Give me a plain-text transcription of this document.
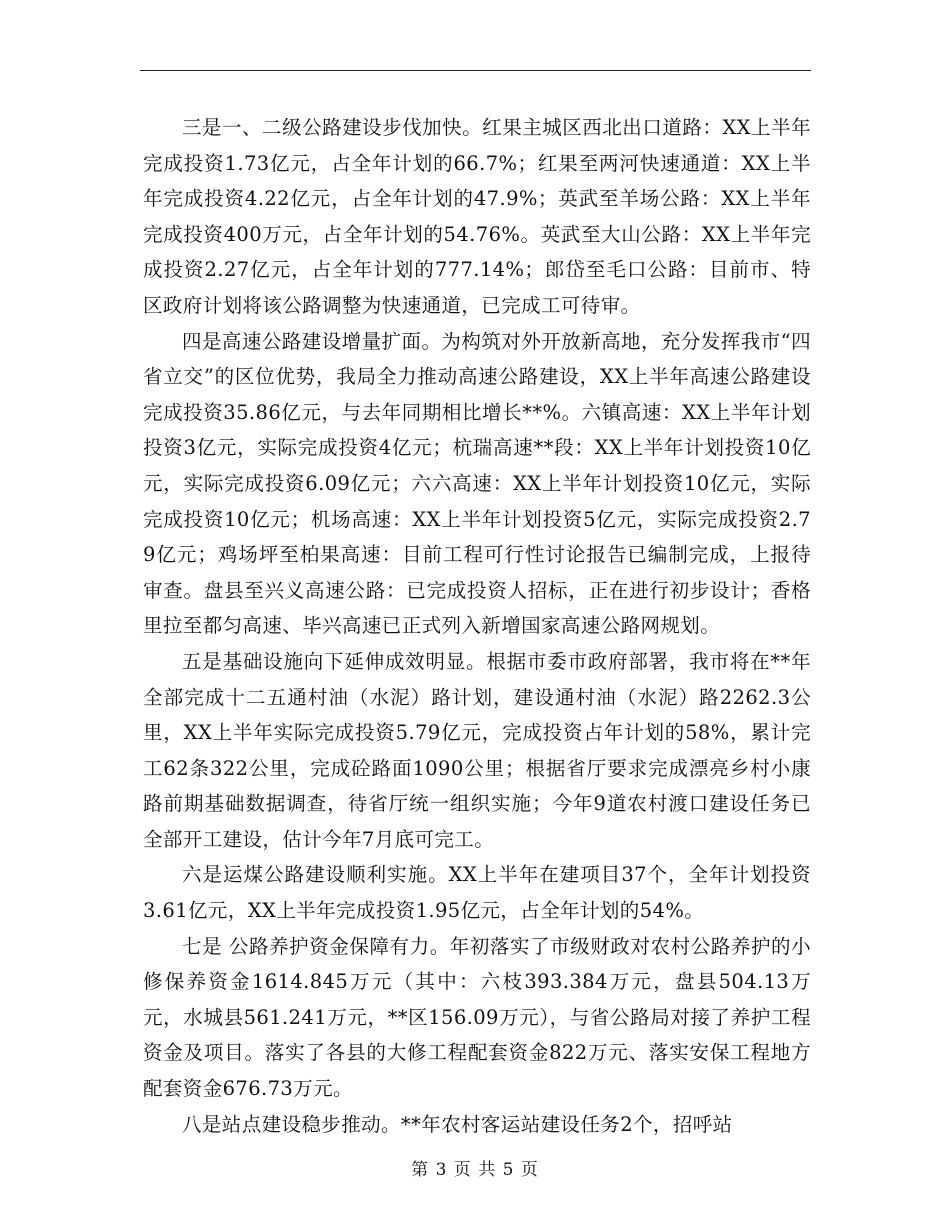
三是一、二级公路建设步伐加快。红果主城区西北出口道路：XX上半年完成投资1.73亿元，占全年计划的66.7%；红果至两河快速通道：XX上半年完成投资4.22亿元，占全年计划的47.9%；英武至羊场公路：XX上半年完成投资400万元，占全年计划的54.76%。英武至大山公路：XX上半年完成投资2.27亿元，占全年计划的777.14%；郎岱至毛口公路：目前市、特区政府计划将该公路调整为快速通道，已完成工可待审。

四是高速公路建设增量扩面。为构筑对外开放新高地，充分发挥我市“四省立交”的区位优势，我局全力推动高速公路建设，XX上半年高速公路建设完成投资35.86亿元，与去年同期相比增长**%。六镇高速：XX上半年计划投资3亿元，实际完成投资4亿元；杭瑞高速**段：XX上半年计划投资10亿元，实际完成投资6.09亿元；六六高速：XX上半年计划投资10亿元，实际完成投资10亿元；机场高速：XX上半年计划投资5亿元，实际完成投资2.79亿元；鸡场坪至柏果高速：目前工程可行性讨论报告已编制完成，上报待审查。盘县至兴义高速公路：已完成投资人招标，正在进行初步设计；香格里拉至都匀高速、毕兴高速已正式列入新增国家高速公路网规划。

五是基础设施向下延伸成效明显。根据市委市政府部署，我市将在**年全部完成十二五通村油（水泥）路计划，建设通村油（水泥）路2262.3公里，XX上半年实际完成投资5.79亿元，完成投资占年计划的58%，累计完工62条322公里，完成砼路面1090公里；根据省厅要求完成漂亮乡村小康路前期基础数据调查，待省厅统一组织实施；今年9道农村渡口建设任务已全部开工建设，估计今年7月底可完工。

六是运煤公路建设顺利实施。XX上半年在建项目37个，全年计划投资3.61亿元，XX上半年完成投资1.95亿元，占全年计划的54%。

七是 公路养护资金保障有力。年初落实了市级财政对农村公路养护的小修保养资金1614.845万元（其中：六枝393.384万元，盘县504.13万元，水城县561.241万元，**区156.09万元），与省公路局对接了养护工程资金及项目。落实了各县的大修工程配套资金822万元、落实安保工程地方配套资金676.73万元。

八是站点建设稳步推动。**年农村客运站建设任务2个，招呼站

第 3 页 共 5 页
